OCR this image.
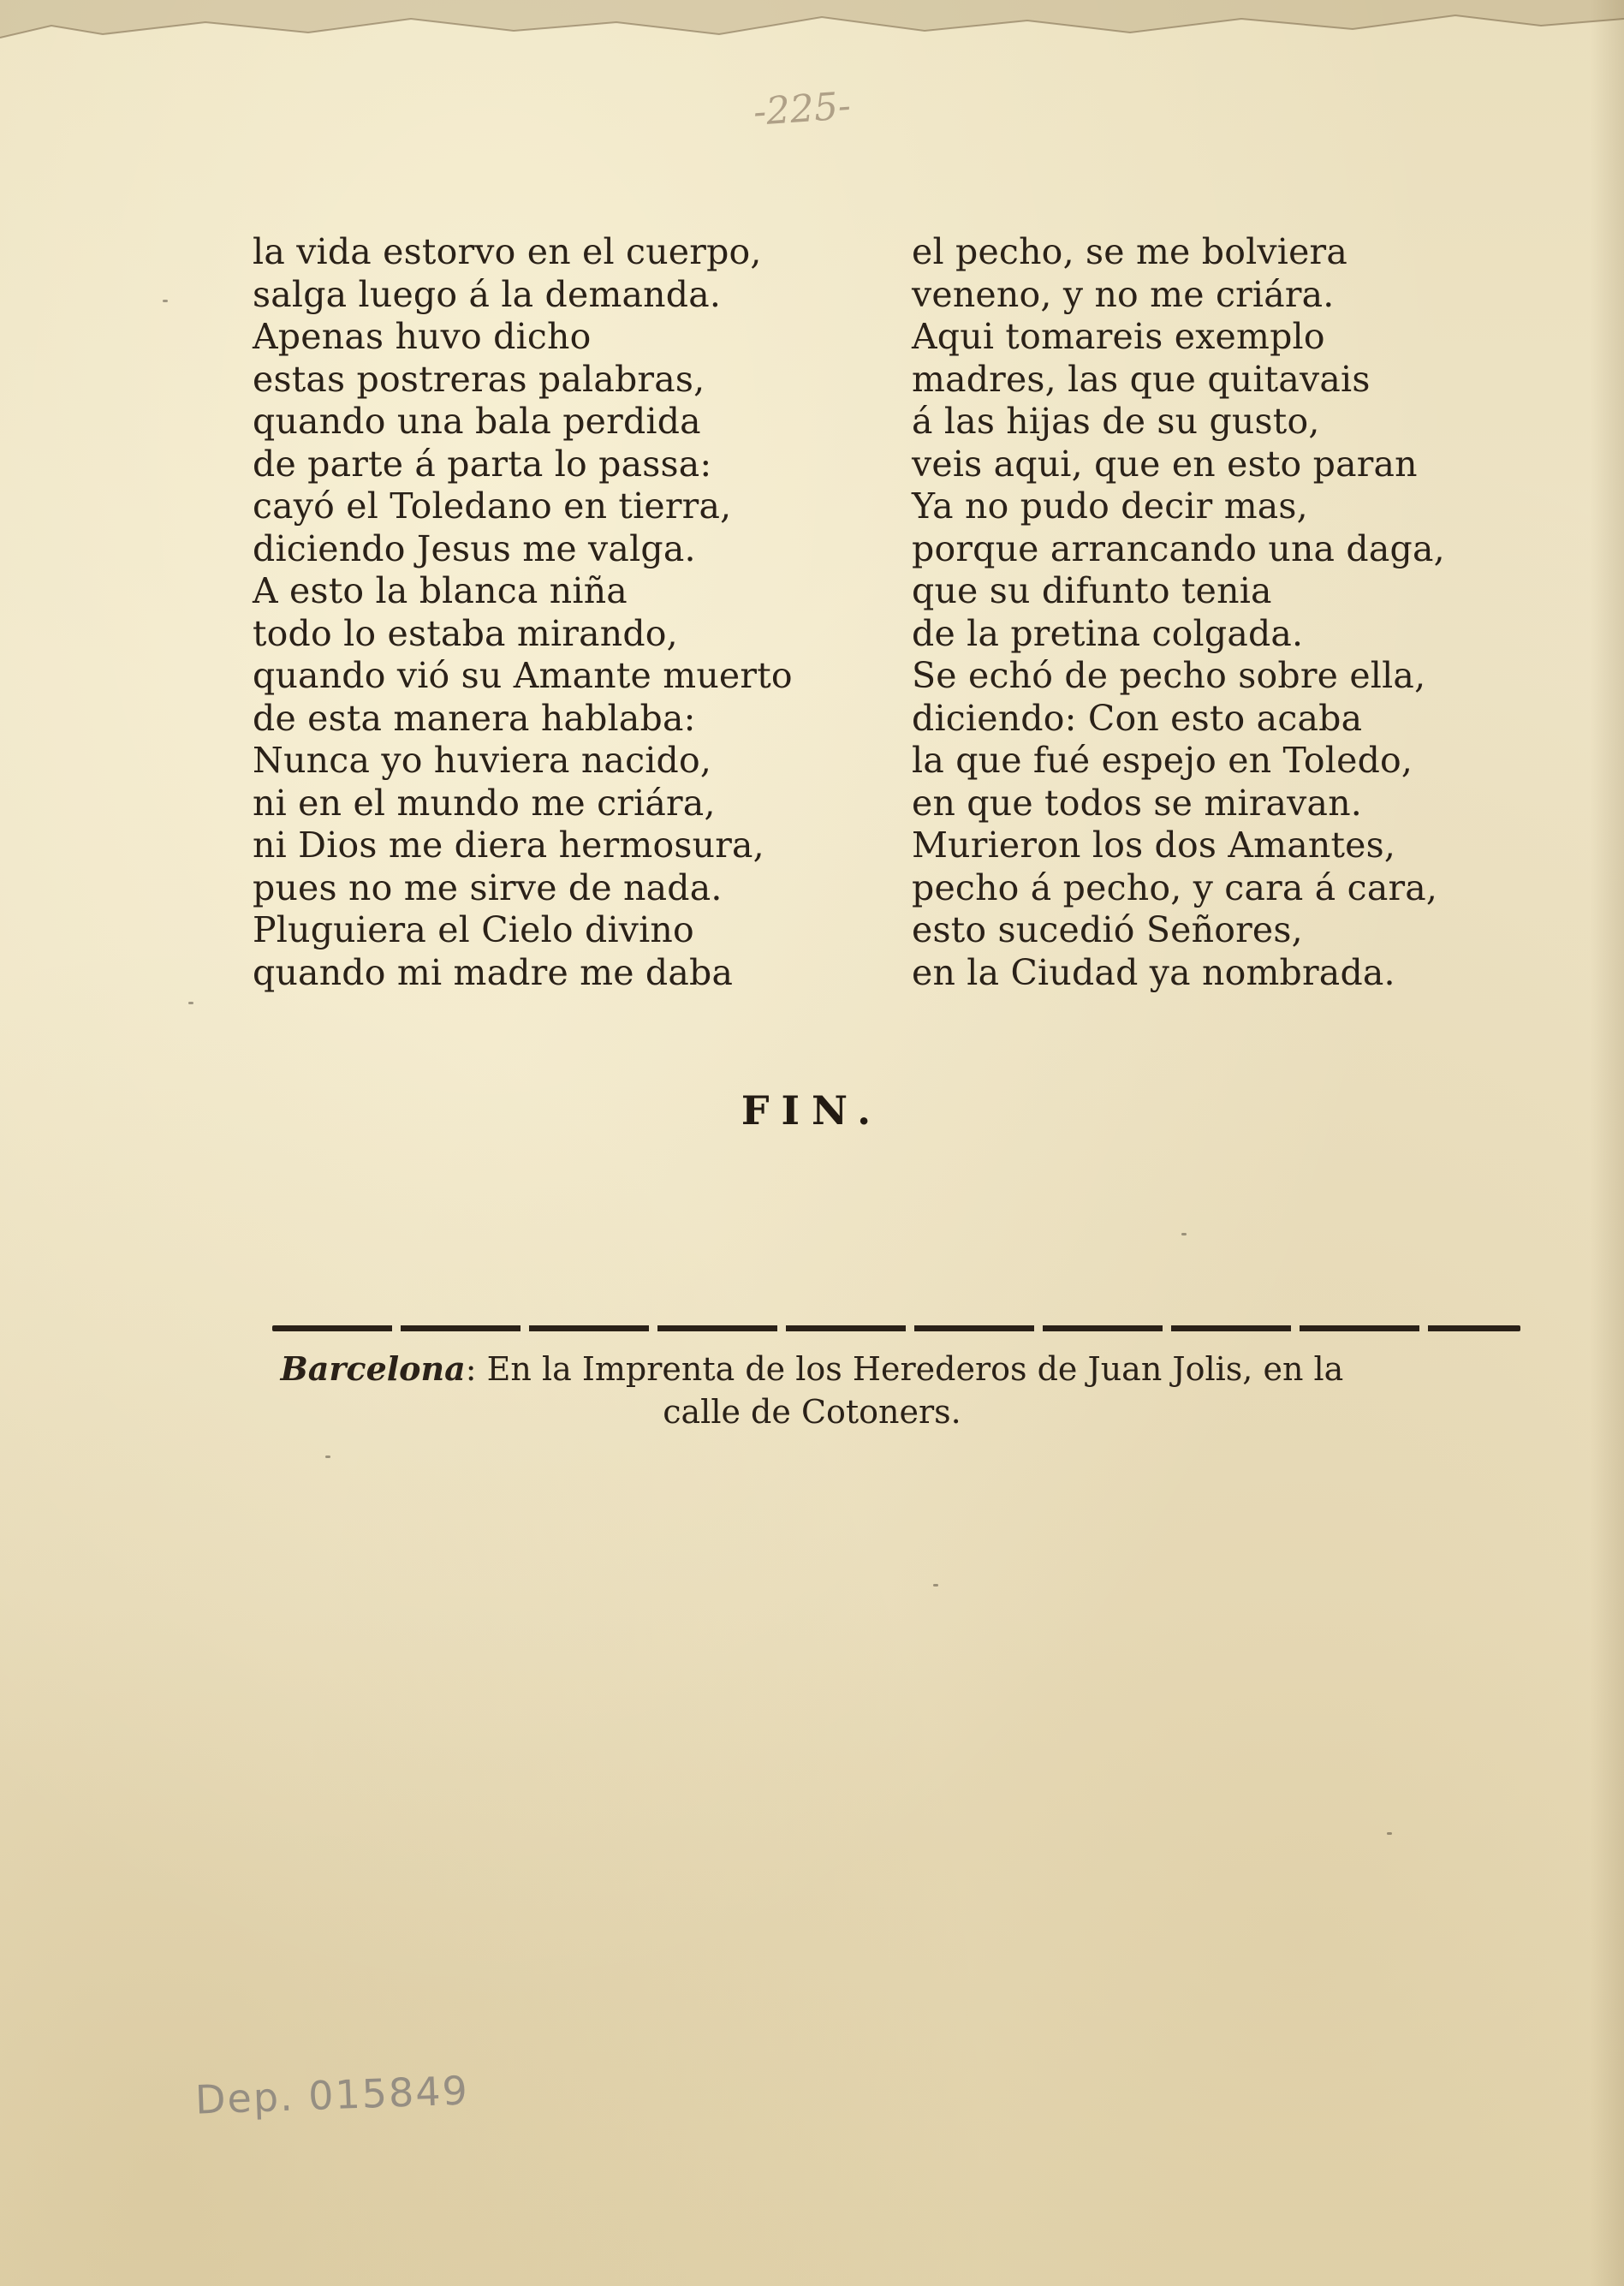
-225-
la vida estorvo en el cuerpo,
salga luego á la demanda.
Apenas huvo dicho
estas postreras palabras,
quando una bala perdida
de parte á parta lo passa:
cayó el Toledano en tierra,
diciendo Jesus me valga.
A esto la blanca niña
todo lo estaba mirando,
quando vió su Amante muerto
de esta manera hablaba:
Nunca yo huviera nacido,
ni en el mundo me criára,
ni Dios me diera hermosura,
pues no me sirve de nada.
Pluguiera el Cielo divino
quando mi madre me daba
el pecho, se me bolviera
veneno, y no me criára.
Aqui tomareis exemplo
madres, las que quitavais
á las hijas de su gusto,
veis aqui, que en esto paran
Ya no pudo decir mas,
porque arrancando una daga,
que su difunto tenia
de la pretina colgada.
Se echó de pecho sobre ella,
diciendo: Con esto acaba
la que fué espejo en Toledo,
en que todos se miravan.
Murieron los dos Amantes,
pecho á pecho, y cara á cara,
esto sucedió Señores,
en la Ciudad ya nombrada.
FIN.
Barcelona: En la Imprenta de los Herederos de Juan Jolis, en la
calle de Cotoners.
Dep. 015849
